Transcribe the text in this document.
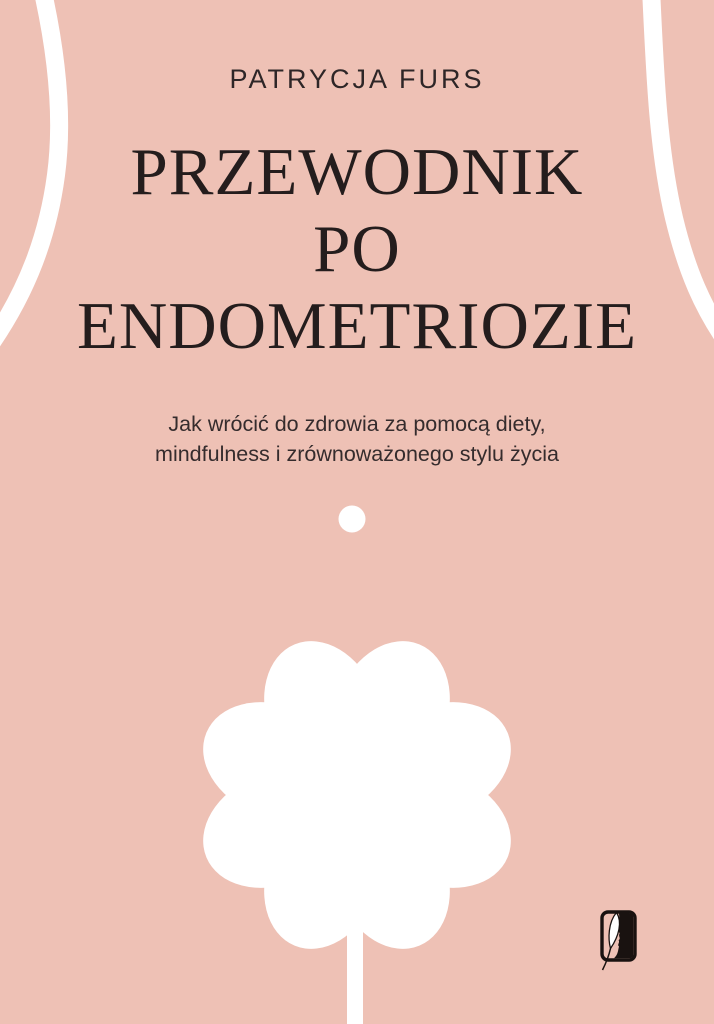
PATRYCJA FURS
PRZEWODNIK
PO
ENDOMETRIOZIE
Jak wrócić do zdrowia za pomocą diety,
mindfulness i zrównoważonego stylu życia
